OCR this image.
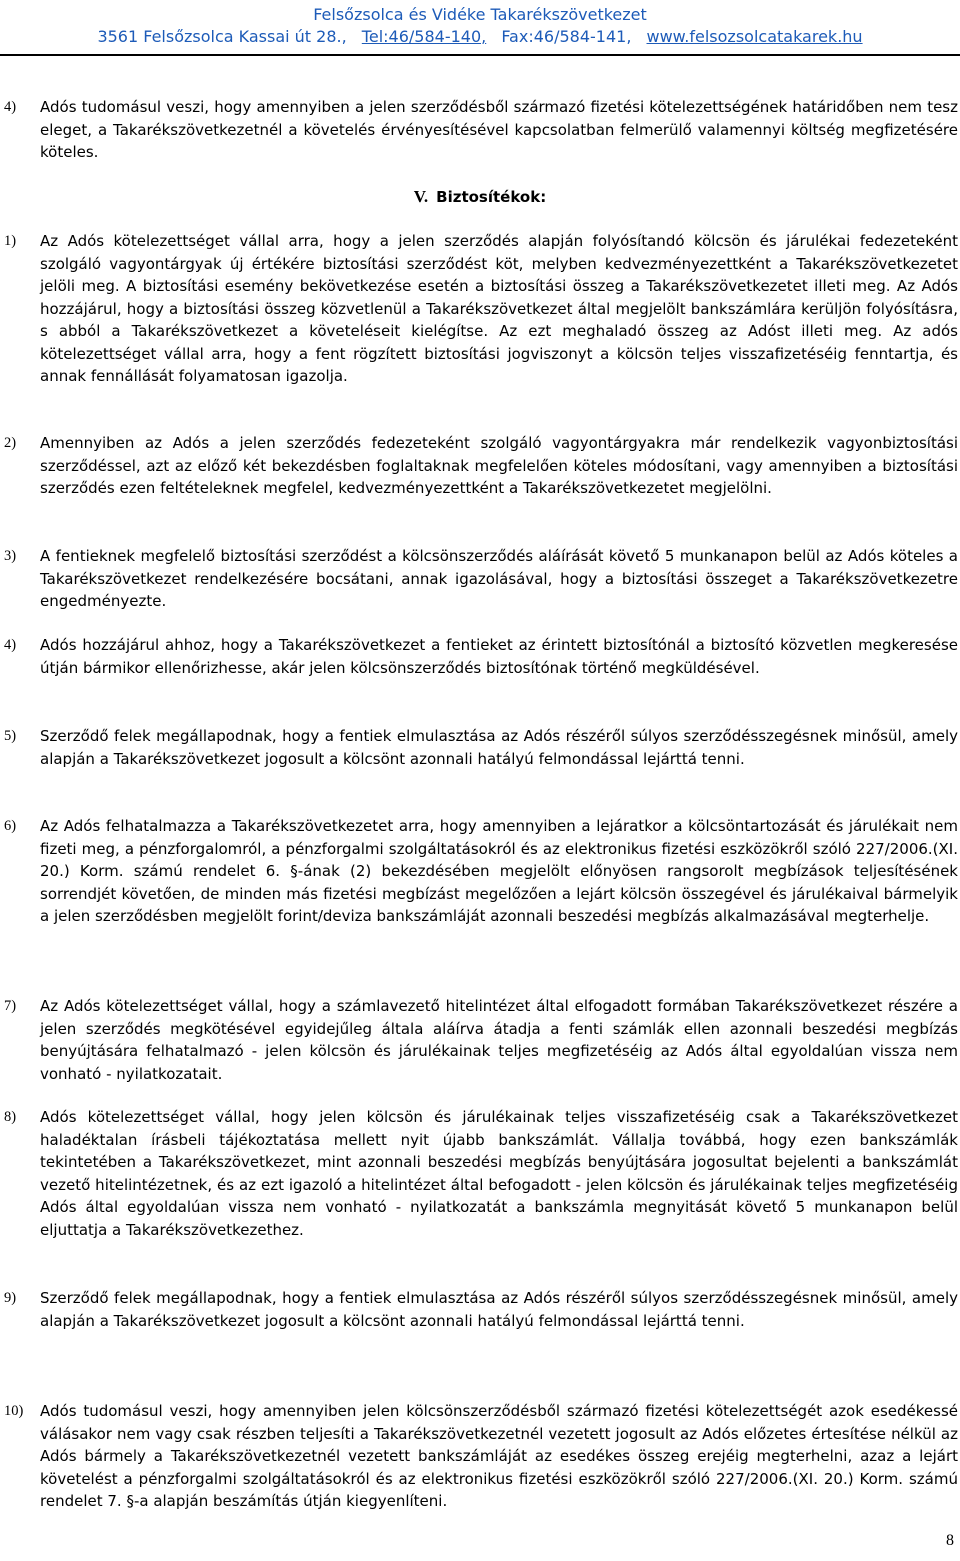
Felsőzsolca és Vidéke Takarékszövetkezet
3561 Felsőzsolca Kassai út 28., Tel:46/584-140, Fax:46/584-141, www.felsozsolcatakarek.hu
4) Adós tudomásul veszi, hogy amennyiben a jelen szerződésből származó fizetési kötelezettségének határidőben nem tesz eleget, a Takarékszövetkezetnél a követelés érvényesítésével kapcsolatban felmerülő valamennyi költség megfizetésére köteles.
V. Biztosítékok:
1) Az Adós kötelezettséget vállal arra, hogy a jelen szerződés alapján folyósítandó kölcsön és járulékai fedezeteként szolgáló vagyontárgyak új értékére biztosítási szerződést köt, melyben kedvezményezettként a Takarékszövetkezetet jelöli meg. A biztosítási esemény bekövetkezése esetén a biztosítási összeg a Takarékszövetkezetet illeti meg. Az Adós hozzájárul, hogy a biztosítási összeg közvetlenül a Takarékszövetkezet által megjelölt bankszámlára kerüljön folyósításra, s abból a Takarékszövetkezet a követeléseit kielégítse. Az ezt meghaladó összeg az Adóst illeti meg. Az adós kötelezettséget vállal arra, hogy a fent rögzített biztosítási jogviszonyt a kölcsön teljes visszafizetéséig fenntartja, és annak fennállását folyamatosan igazolja.
2) Amennyiben az Adós a jelen szerződés fedezeteként szolgáló vagyontárgyakra már rendelkezik vagyonbiztosítási szerződéssel, azt az előző két bekezdésben foglaltaknak megfelelően köteles módosítani, vagy amennyiben a biztosítási szerződés ezen feltételeknek megfelel, kedvezményezettként a Takarékszövetkezetet megjelölni.
3) A fentieknek megfelelő biztosítási szerződést a kölcsönszerződés aláírását követő 5 munkanapon belül az Adós köteles a Takarékszövetkezet rendelkezésére bocsátani, annak igazolásával, hogy a biztosítási összeget a Takarékszövetkezetre engedményezte.
4) Adós hozzájárul ahhoz, hogy a Takarékszövetkezet a fentieket az érintett biztosítónál a biztosító közvetlen megkeresése útján bármikor ellenőrizhesse, akár jelen kölcsönszerződés biztosítónak történő megküldésével.
5) Szerződő felek megállapodnak, hogy a fentiek elmulasztása az Adós részéről súlyos szerződésszegésnek minősül, amely alapján a Takarékszövetkezet jogosult a kölcsönt azonnali hatályú felmondással lejárttá tenni.
6) Az Adós felhatalmazza a Takarékszövetkezetet arra, hogy amennyiben a lejáratkor a kölcsöntartozását és járulékait nem fizeti meg, a pénzforgalomról, a pénzforgalmi szolgáltatásokról és az elektronikus fizetési eszközökről szóló 227/2006.(XI. 20.) Korm. számú rendelet 6. §-ának (2) bekezdésében megjelölt előnyösen rangsorolt megbízások teljesítésének sorrendjét követően, de minden más fizetési megbízást megelőzően a lejárt kölcsön összegével és járulékaival bármelyik a jelen szerződésben megjelölt forint/deviza bankszámláját azonnali beszedési megbízás alkalmazásával megterhelje.
7) Az Adós kötelezettséget vállal, hogy a számlavezető hitelintézet által elfogadott formában Takarékszövetkezet részére a jelen szerződés megkötésével egyidejűleg általa aláírva átadja a fenti számlák ellen azonnali beszedési megbízás benyújtására felhatalmazó - jelen kölcsön és járulékainak teljes megfizetéséig az Adós által egyoldalúan vissza nem vonható - nyilatkozatait.
8) Adós kötelezettséget vállal, hogy jelen kölcsön és járulékainak teljes visszafizetéséig csak a Takarékszövetkezet haladéktalan írásbeli tájékoztatása mellett nyit újabb bankszámlát. Vállalja továbbá, hogy ezen bankszámlák tekintetében a Takarékszövetkezet, mint azonnali beszedési megbízás benyújtására jogosultat bejelenti a bankszámlát vezető hitelintézetnek, és az ezt igazoló a hitelintézet által befogadott - jelen kölcsön és járulékainak teljes megfizetéséig Adós által egyoldalúan vissza nem vonható - nyilatkozatát a bankszámla megnyitását követő 5 munkanapon belül eljuttatja a Takarékszövetkezethez.
9) Szerződő felek megállapodnak, hogy a fentiek elmulasztása az Adós részéről súlyos szerződésszegésnek minősül, amely alapján a Takarékszövetkezet jogosult a kölcsönt azonnali hatályú felmondással lejárttá tenni.
10) Adós tudomásul veszi, hogy amennyiben jelen kölcsönszerződésből származó fizetési kötelezettségét azok esedékessé válásakor nem vagy csak részben teljesíti a Takarékszövetkezetnél vezetett jogosult az Adós előzetes értesítése nélkül az Adós bármely a Takarékszövetkezetnél vezetett bankszámláját az esedékes összeg erejéig megterhelni, azaz a lejárt követelést a pénzforgalmi szolgáltatásokról és az elektronikus fizetési eszközökről szóló 227/2006.(XI. 20.) Korm. számú rendelet 7. §-a alapján beszámítás útján kiegyenlíteni.
8
